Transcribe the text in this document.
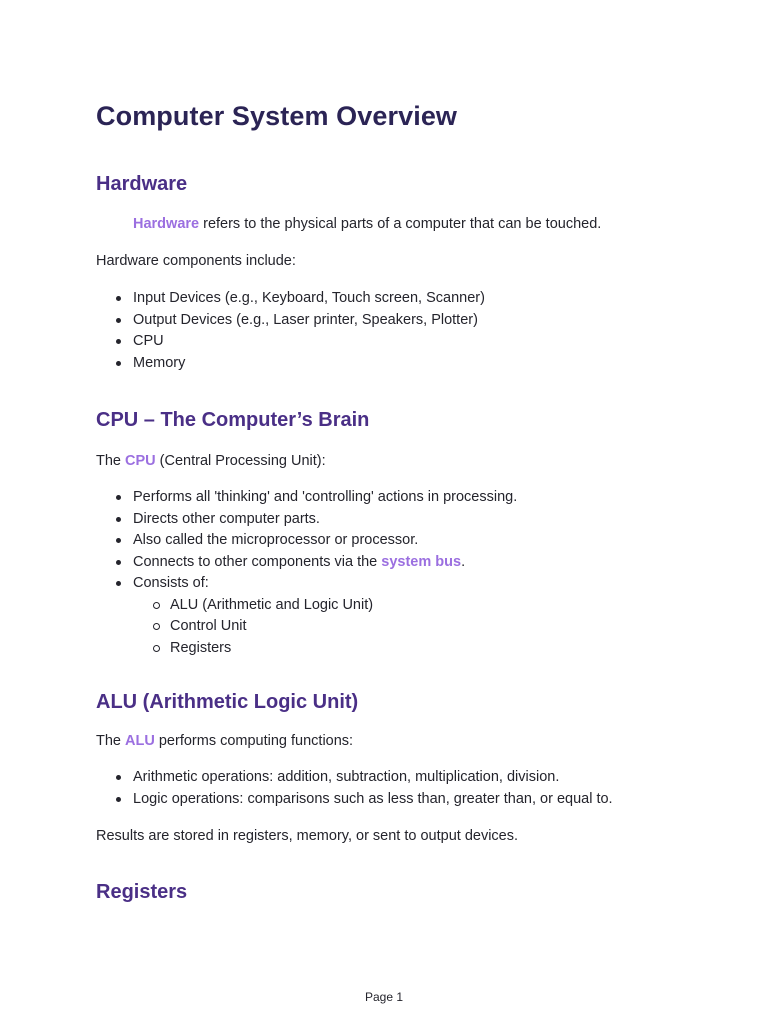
Computer System Overview
Hardware

Hardware refers to the physical parts of a computer that can be touched.

Hardware components include:

Input Devices (e.g., Keyboard, Touch screen, Scanner)
Output Devices (e.g., Laser printer, Speakers, Plotter)
CPU
Memory
CPU – The Computer’s Brain

The CPU (Central Processing Unit):

Performs all 'thinking' and 'controlling' actions in processing.
Directs other computer parts.
Also called the microprocessor or processor.
Connects to other components via the system bus.
Consists of:
ALU (Arithmetic and Logic Unit)
Control Unit
Registers
ALU (Arithmetic Logic Unit)

The ALU performs computing functions:

Arithmetic operations: addition, subtraction, multiplication, division.
Logic operations: comparisons such as less than, greater than, or equal to.

Results are stored in registers, memory, or sent to output devices.

Registers
Page 1
